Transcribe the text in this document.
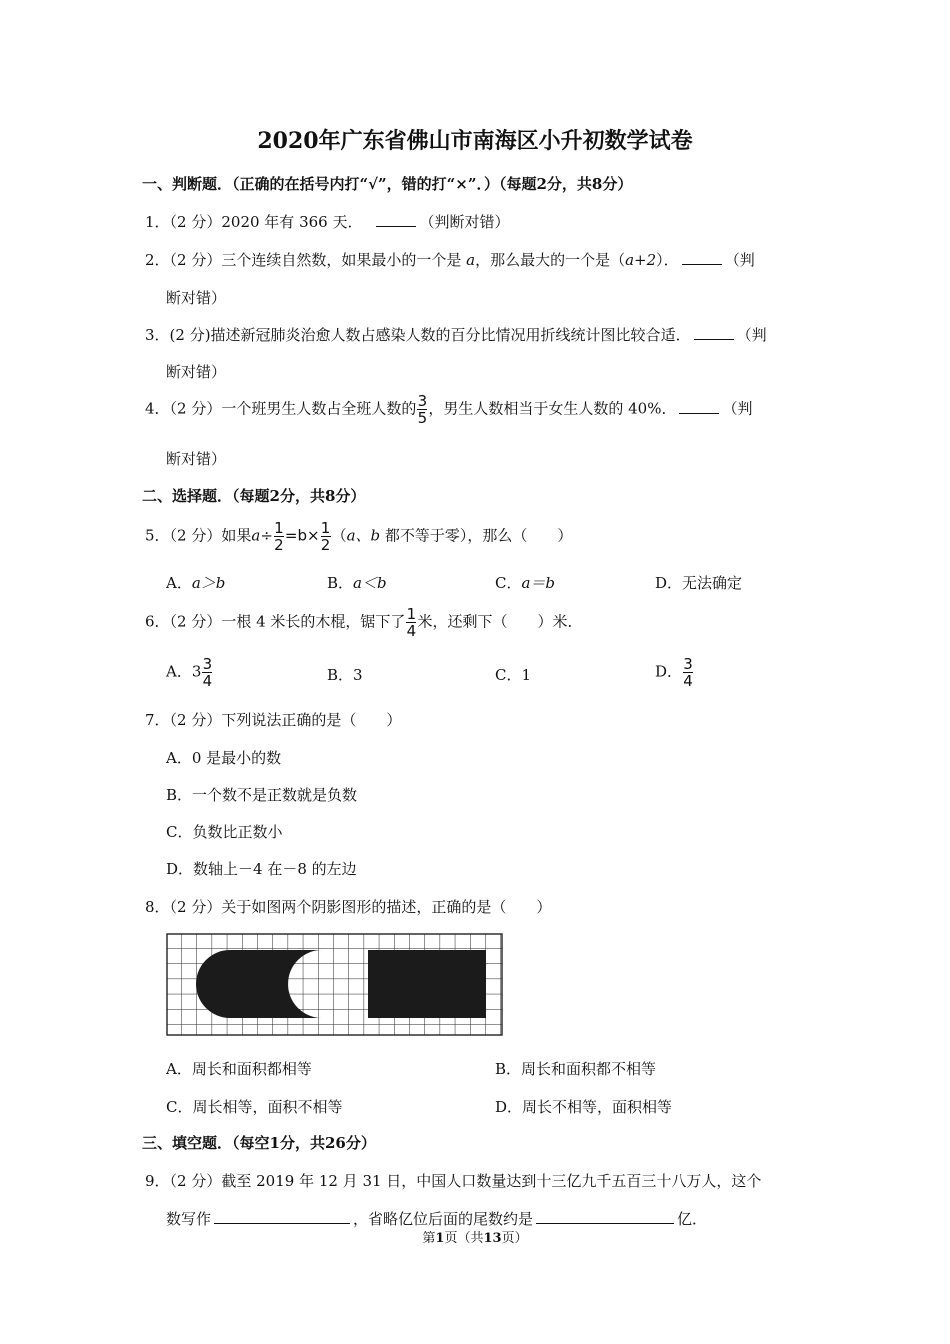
2020年广东省佛山市南海区小升初数学试卷
一、判断题．（正确的在括号内打“√”，错的打“×”．）（每题2分，共8分）
1．（2 分）2020 年有 366 天．	（判断对错）
2．（2 分）三个连续自然数，如果最小的一个是 a，那么最大的一个是（a+2）．	（判
断对错）
3．(2 分)描述新冠肺炎治愈人数占感染人数的百分比情况用折线统计图比较合适．	（判
断对错）
4．（2 分）一个班男生人数占全班人数的 $\frac{3}{5}$ ，男生人数相当于女生人数的 40%．	（判
断对错）
二、选择题．（每题2分，共8分）
5．（2 分）如果$a\div \frac{1}{2} =b\times \frac{1}{2} (a$、b 都不等于零），那么（　　）
A．a＞b	B．a＜b	C．a＝b	D．无法确定
6．（2 分）一根 4 米长的木棍，锯下了 $\frac{1}{4}$ 米，还剩下（　　）米．
A．$3 \frac{3}{4}$	B．3	C．1	D． $\frac{3}{4}$
7．（2 分）下列说法正确的是（　　）
A．0 是最小的数
B．一个数不是正数就是负数
C．负数比正数小
D．数轴上－4 在－8 的左边
8．（2 分）关于如图两个阴影图形的描述，正确的是（　　）
A．周长和面积都相等	B．周长和面积都不相等
C．周长相等，面积不相等	D．周长不相等，面积相等
三、填空题．（每空1分，共26分）
9．（2 分）截至 2019 年 12 月 31 日，中国人口数量达到十三亿九千五百三十八万人，这个
数写作	，省略亿位后面的尾数约是	亿．
第1页（共13页）
